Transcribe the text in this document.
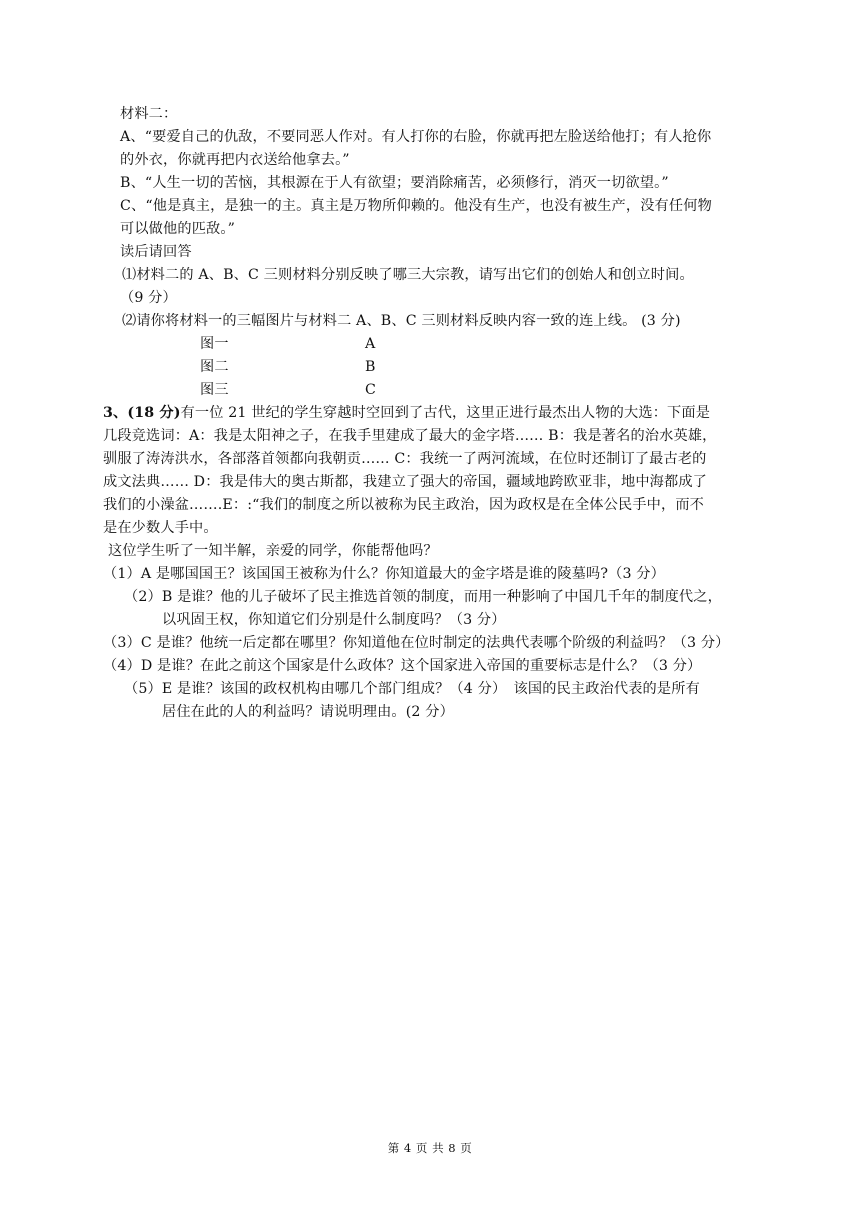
材料二：
A、“要爱自己的仇敌，不要同恶人作对。有人打你的右脸，你就再把左脸送给他打；有人抢你
的外衣，你就再把内衣送给他拿去。”
B、“人生一切的苦恼，其根源在于人有欲望；要消除痛苦，必须修行，消灭一切欲望。”
C、“他是真主，是独一的主。真主是万物所仰赖的。他没有生产，也没有被生产，没有任何物
可以做他的匹敌。”
读后请回答
⑴材料二的 A、B、C 三则材料分别反映了哪三大宗教，请写出它们的创始人和创立时间。
（9 分）
⑵请你将材料一的三幅图片与材料二 A、B、C 三则材料反映内容一致的连上线。 (3 分)
图一	A
图二	B
图三	C
3、(18 分)有一位 21 世纪的学生穿越时空回到了古代，这里正进行最杰出人物的大选：下面是
几段竞选词：A：我是太阳神之子，在我手里建成了最大的金字塔…… B：我是著名的治水英雄，
驯服了涛涛洪水，各部落首领都向我朝贡…… C：我统一了两河流域，在位时还制订了最古老的
成文法典…… D：我是伟大的奥古斯都，我建立了强大的帝国，疆域地跨欧亚非，地中海都成了
我们的小澡盆…….E：:“我们的制度之所以被称为民主政治，因为政权是在全体公民手中，而不
是在少数人手中。
这位学生听了一知半解，亲爱的同学，你能帮他吗？
（1）A 是哪国国王？该国国王被称为什么？你知道最大的金字塔是谁的陵墓吗?（3 分）
（2）B 是谁？他的儿子破坏了民主推选首领的制度，而用一种影响了中国几千年的制度代之，
以巩固王权，你知道它们分别是什么制度吗？（3 分）
（3）C 是谁？他统一后定都在哪里？你知道他在位时制定的法典代表哪个阶级的利益吗？（3 分）
（4）D 是谁？在此之前这个国家是什么政体？这个国家进入帝国的重要标志是什么？（3 分）
（5）E 是谁？该国的政权机构由哪几个部门组成？（4 分）　该国的民主政治代表的是所有
居住在此的人的利益吗？请说明理由。(2 分）
第 4 页 共 8 页
